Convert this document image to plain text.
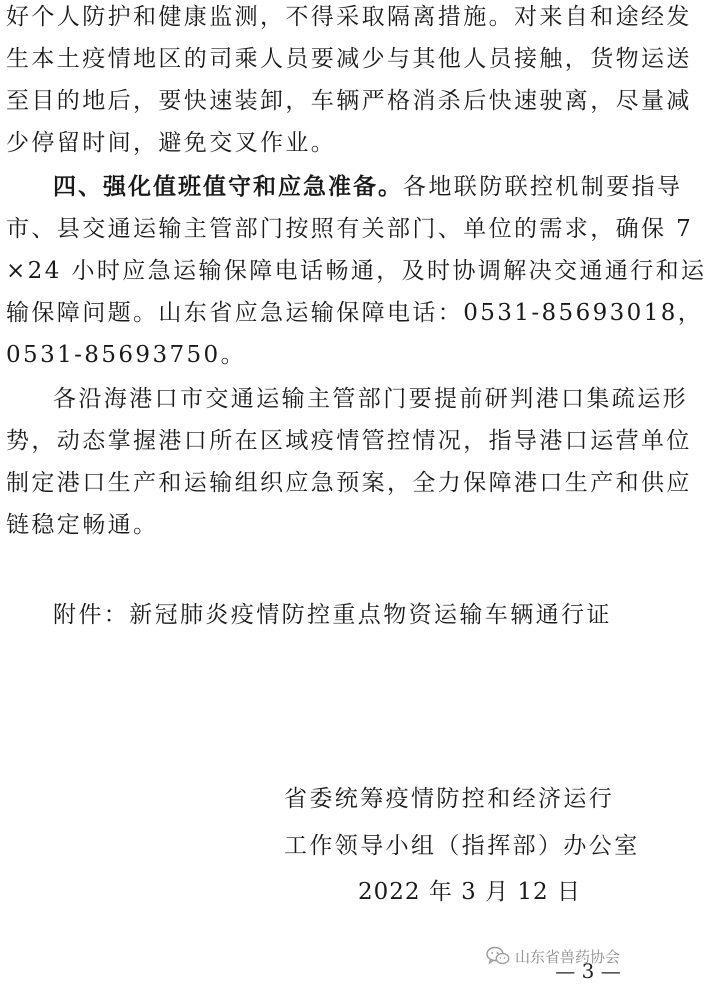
好个人防护和健康监测，不得采取隔离措施。对来自和途经发
生本土疫情地区的司乘人员要减少与其他人员接触，货物运送
至目的地后，要快速装卸，车辆严格消杀后快速驶离，尽量减
少停留时间，避免交叉作业。
四、强化值班值守和应急准备。各地联防联控机制要指导
市、县交通运输主管部门按照有关部门、单位的需求，确保 7
×24 小时应急运输保障电话畅通，及时协调解决交通通行和运
输保障问题。山东省应急运输保障电话：0531-85693018，
0531-85693750。
各沿海港口市交通运输主管部门要提前研判港口集疏运形
势，动态掌握港口所在区域疫情管控情况，指导港口运营单位
制定港口生产和运输组织应急预案，全力保障港口生产和供应
链稳定畅通。
附件：新冠肺炎疫情防控重点物资运输车辆通行证
省委统筹疫情防控和经济运行
工作领导小组（指挥部）办公室
2022 年 3 月 12 日
山东省兽药协会
— 3 —
